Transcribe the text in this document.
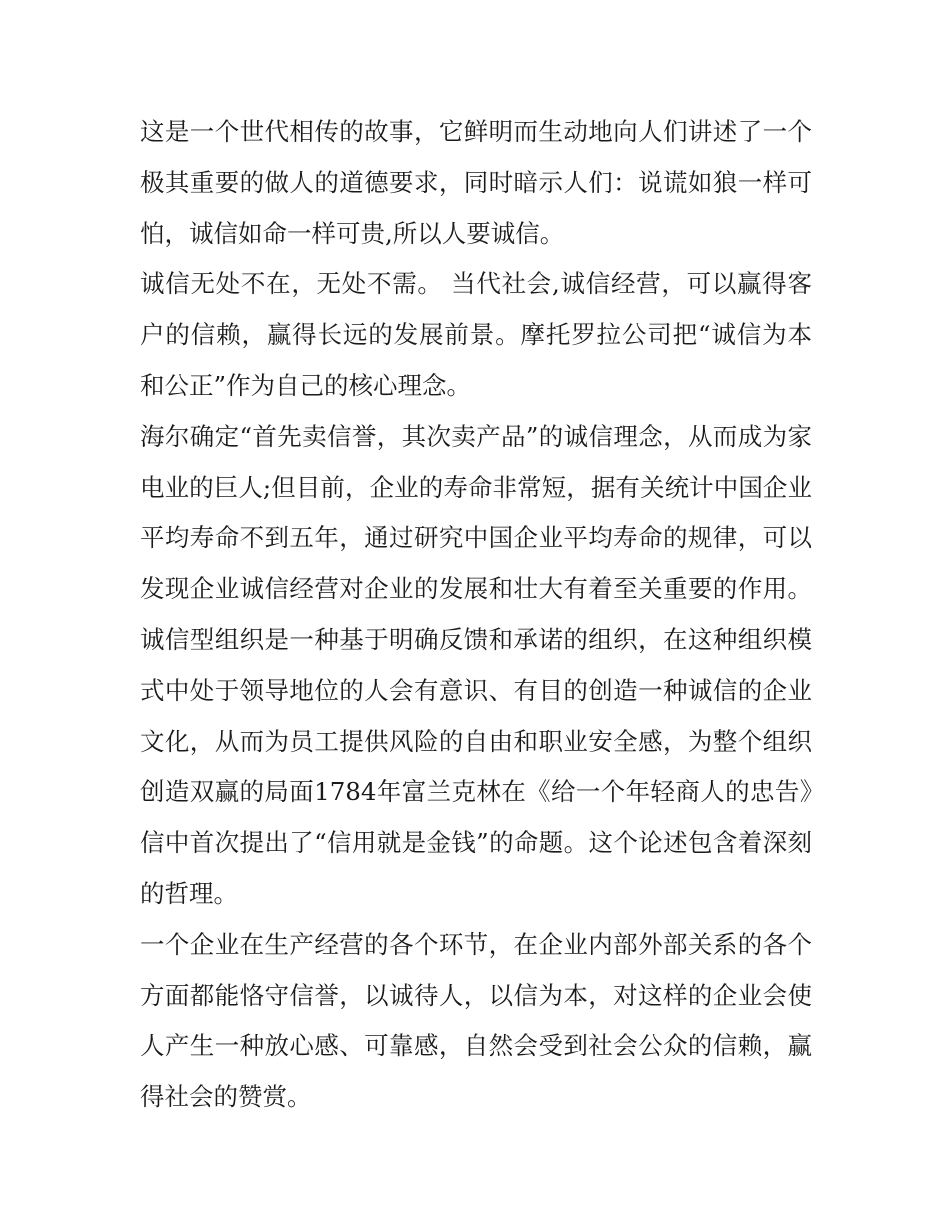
这是一个世代相传的故事，它鲜明而生动地向人们讲述了一个极其重要的做人的道德要求，同时暗示人们：说谎如狼一样可怕，诚信如命一样可贵,所以人要诚信。

诚信无处不在，无处不需。 当代社会,诚信经营，可以赢得客户的信赖，赢得长远的发展前景。摩托罗拉公司把“诚信为本和公正”作为自己的核心理念。

海尔确定“首先卖信誉，其次卖产品”的诚信理念，从而成为家电业的巨人;但目前，企业的寿命非常短，据有关统计中国企业平均寿命不到五年，通过研究中国企业平均寿命的规律，可以发现企业诚信经营对企业的发展和壮大有着至关重要的作用。诚信型组织是一种基于明确反馈和承诺的组织，在这种组织模式中处于领导地位的人会有意识、有目的创造一种诚信的企业文化，从而为员工提供风险的自由和职业安全感，为整个组织创造双赢的局面1784年富兰克林在《给一个年轻商人的忠告》信中首次提出了“信用就是金钱”的命题。这个论述包含着深刻的哲理。

一个企业在生产经营的各个环节，在企业内部外部关系的各个方面都能恪守信誉，以诚待人，以信为本，对这样的企业会使人产生一种放心感、可靠感，自然会受到社会公众的信赖，赢得社会的赞赏。
